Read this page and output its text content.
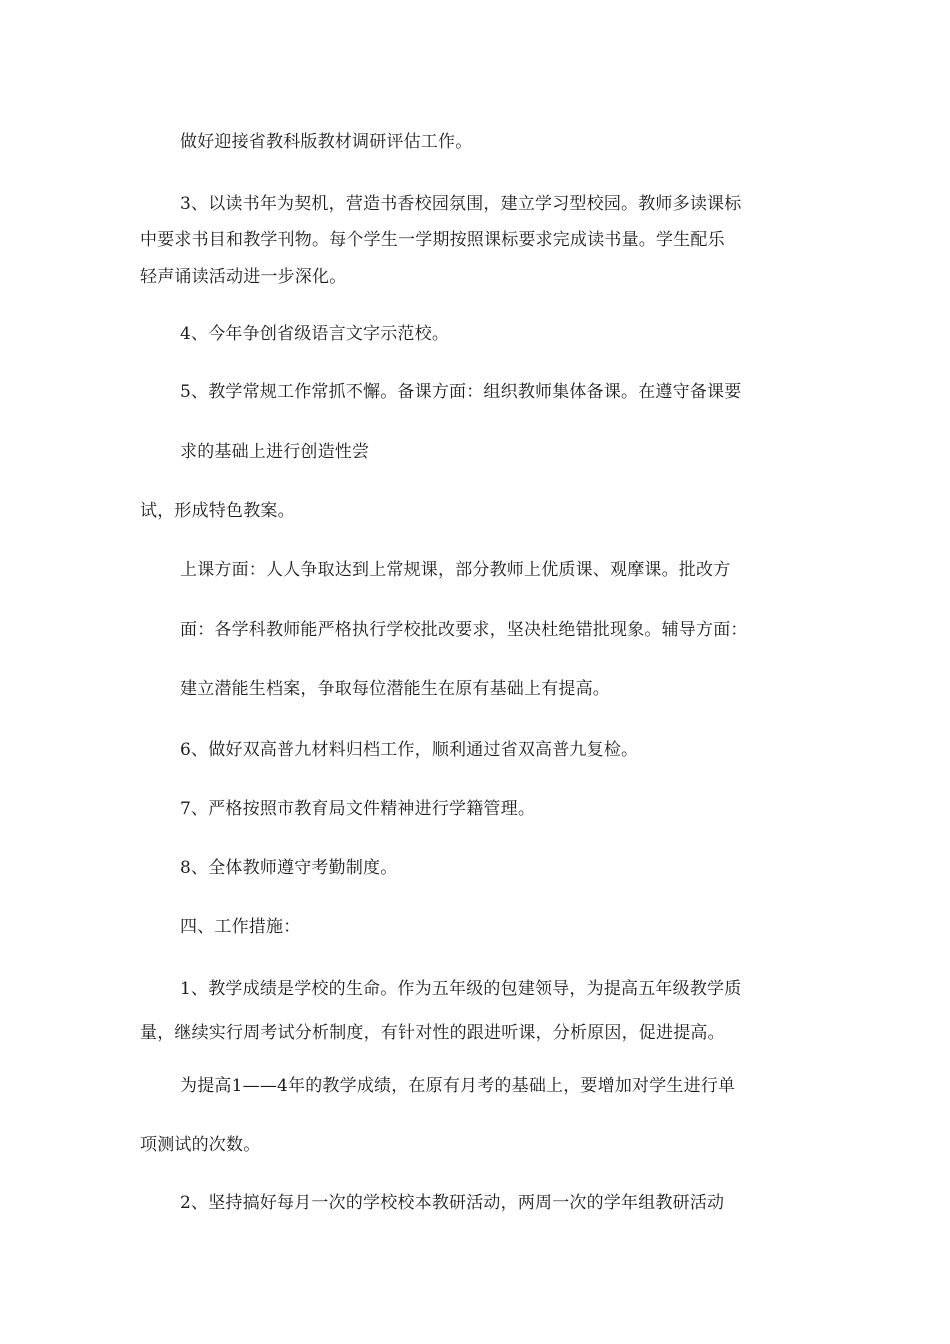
做好迎接省教科版教材调研评估工作。
3、以读书年为契机，营造书香校园氛围，建立学习型校园。教师多读课标
中要求书目和教学刊物。每个学生一学期按照课标要求完成读书量。学生配乐
轻声诵读活动进一步深化。
4、今年争创省级语言文字示范校。
5、教学常规工作常抓不懈。备课方面：组织教师集体备课。在遵守备课要
求的基础上进行创造性尝
试，形成特色教案。
上课方面：人人争取达到上常规课，部分教师上优质课、观摩课。批改方
面：各学科教师能严格执行学校批改要求，坚决杜绝错批现象。辅导方面：
建立潜能生档案，争取每位潜能生在原有基础上有提高。
6、做好双高普九材料归档工作，顺利通过省双高普九复检。
7、严格按照市教育局文件精神进行学籍管理。
8、全体教师遵守考勤制度。
四、工作措施：
1、教学成绩是学校的生命。作为五年级的包建领导，为提高五年级教学质
量，继续实行周考试分析制度，有针对性的跟进听课，分析原因，促进提高。
为提高1——4年的教学成绩，在原有月考的基础上，要增加对学生进行单
项测试的次数。
2、坚持搞好每月一次的学校校本教研活动，两周一次的学年组教研活动
